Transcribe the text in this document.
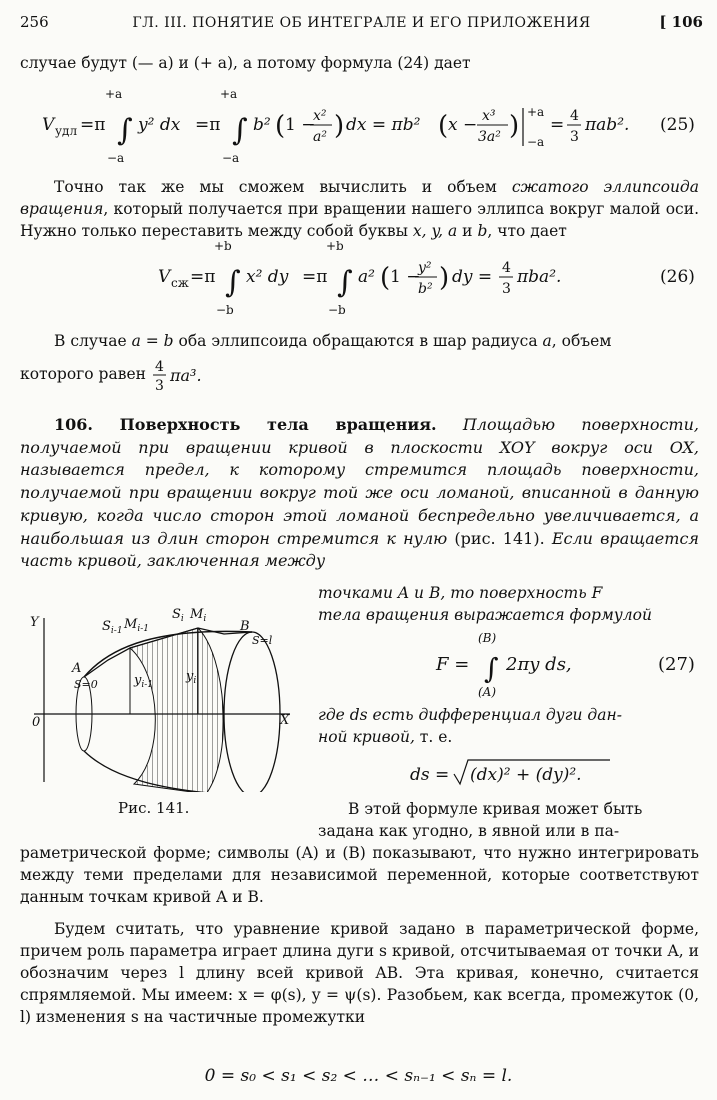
256	ГЛ. III. ПОНЯТИЕ ОБ ИНТЕГРАЛЕ И ЕГО ПРИЛОЖЕНИЯ	[ 106
случае будут (— a) и (+ a), а потому формула (24) дает
V удл =π
+a
∫
−a
y² dx =π
+a
∫
−a
b² ( 1 −
x²
a² ) dx = πb² ( x − x³
3a² ) +a
−a
= 4
3
πab². (25)
Точно так же мы сможем вычислить и объем сжатого эллипсоида вращения, который получается при вращении нашего эллипса вокруг малой оси. Нужно только переставить между собой буквы x, y, a и b, что дает
V сж =π
+b
∫
−b
x² dy =π
+b
∫
−b
a² ( 1 −
y²
b² ) dy = 4
3
πba².	(26)
В случае a = b оба эллипсоида обращаются в шар радиуса a, объем
которого равен 4
3
πa³.
106. Поверхность тела вращения. Площадью поверхности, получаемой при вращении кривой в плоскости XOY вокруг оси OX, называется предел, к которому стремится площадь поверхности, получаемой при вращении вокруг той же оси ломаной, вписанной в данную кривую, когда число сторон этой ломаной беспредельно увеличивается, а наибольшая из длин сторон стремится к нулю (рис. 141). Если вращается часть кривой, заключенная между
Y
X
0
A
S=0
B
S=l
$S_{i-1}$ $M_{i-1}$
$S_i$ $M_i$
$y_{i-1}$
$y_i$
Рис. 141.
точками A и B, то поверхность F
тела вращения выражается формулой
F =
(B)
∫
(A)
2πy ds,	(27)
где ds есть дифференциал дуги дан-
ной кривой, т. е.
ds = (dx)² + (dy)².
В этой формуле кривая может быть
задана как угодно, в явной или в па-
раметрической форме; символы (A) и (B) показывают, что нужно интегрировать между теми пределами для независимой переменной, которые соответствуют данным точкам кривой A и B.
Будем считать, что уравнение кривой задано в параметрической форме, причем роль параметра играет длина дуги s кривой, отсчитываемая от точки A, и обозначим через l длину всей кривой AB. Эта кривая, конечно, считается спрямляемой. Мы имеем: x = φ(s), y = ψ(s). Разобьем, как всегда, промежуток (0, l) изменения s на частичные промежутки
0 = s₀ < s₁ < s₂ < … < sₙ₋₁ < sₙ = l.
